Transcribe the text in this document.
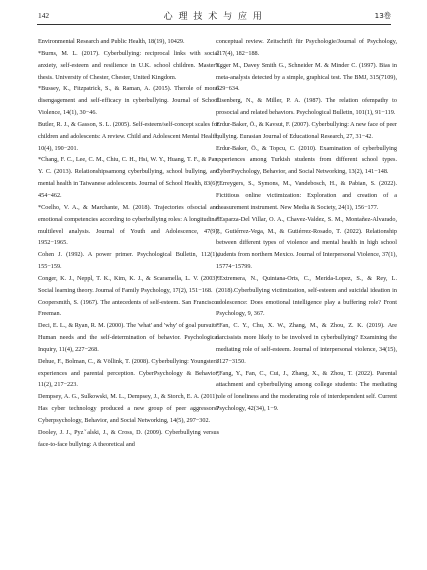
142	心 理 技 术 与 应 用	13卷
Environmental Research and Public Health, 18(19), 10429.
*Burns, M. L. (2017). Cyberbullying: reciprocal links with social anxiety, self-esteem and resilience in U.K. school children. Master's thesis. University of Chester, Chester, United Kingdom.
*Bussey, K., Fitzpatrick, S., & Raman, A. (2015). Therole of moral disengagement and self-efficacy in cyberbullying. Journal of School Violence, 14(1), 30−46.
Butler, R. J., & Gasson, S. L. (2005). Self-esteem/self-concept scales for children and adolescents: A review. Child and Adolescent Mental Health, 10(4), 190−201.
*Chang, F. C., Lee, C. M., Chiu, C. H., Hsi, W. Y., Huang, T. F., & Pan, Y. C. (2013). Relationshipsamong cyberbullying, school bullying, and mental health in Taiwanese adolescents. Journal of School Health, 83(6), 454−462.
*Coelho, V. A., & Marchante, M. (2018). Trajectories ofsocial and emotional competencies according to cyberbullying roles: A longitudinal multilevel analysis. Journal of Youth and Adolescence, 47(9), 1952−1965.
Cohen J. (1992). A power primer. Psychological Bulletin, 112(1), 155−159.
Conger, K. J., Neppl, T. K., Kim, K. J., & Scaramella, L. V. (2003). Social learning theory. Journal of Family Psychology, 17(2), 151−168.
Coopersmith, S. (1967). The antecedents of self-esteem. San Francisco: Freeman.
Deci, E. L., & Ryan, R. M. (2000). The 'what' and 'why' of goal pursuits: Human needs and the self-determination of behavior. Psychological Inquiry, 11(4), 227−268.
Dehue, F., Bolman, C., & Völlink, T. (2008). Cyberbullying: Youngsters' experiences and parental perception. CyberPsychology & Behavior, 11(2), 217−223.
Dempsey, A. G., Sulkowski, M. L., Dempsey, J., & Storch, E. A. (2011). Has cyber technology produced a new group of peer aggressors? Cyberpsychology, Behavior, and Social Networking, 14(5), 297−302.
Dooley, J. J., Pyzˇalski, J., & Cross, D. (2009). Cyberbullying versus face-to-face bullying: A theoretical and
conceptual review. Zeitschrift für Psychologie/Journal of Psychology, 217(4), 182−188.
Egger M., Davey Smith G., Schneider M. & Minder C. (1997). Bias in meta-analysis detected by a simple, graphical test. The BMJ, 315(7109), 629−634.
Eisenberg, N., & Miller, P. A. (1987). The relation ofempathy to prosocial and related behaviors. Psychological Bulletin, 101(1), 91−119.
Erdur-Baker, Ö., & Kavsut, F. (2007). Cyberbullying: A new face of peer bullying. Eurasian Journal of Educational Research, 27, 31−42.
Erdur-Baker, Ö., & Topcu, C. (2010). Examination of cyberbullying experiences among Turkish students from different school types. CyberPsychology, Behavior, and Social Networking, 13(2), 141−148.
*Erreygers, S., Symons, M., Vandebosch, H., & Pabian, S. (2022). Fictitious online victimization: Exploration and creation of a measurement instrument. New Media & Society, 24(1), 156−177.
*Esparza-Del Villar, O. A., Chavez-Valdez, S. M., Montañez-Alvarado, P., Gutiérrez-Vega, M., & Gutiérrez-Rosado, T. (2022). Relationship between different types of violence and mental health in high school students from northern Mexico. Journal of Interpersonal Violence, 37(1), 15774−15799.
*Extremera, N., Quintana-Orts, C., Merida-Lopez, S., & Rey, L. (2018).Cyberbullying victimization, self-esteem and suicidal ideation in adolescence: Does emotional intelligence play a buffering role? Front Psychology, 9, 367.
*Fan, C. Y., Chu, X. W., Zhang, M., & Zhou, Z. K. (2019). Are narcissists more likely to be involved in cyberbullying? Examining the mediating role of self-esteem. Journal of interpersonal violence, 34(15), 3127−3150.
*Fang, Y., Fan, C., Cui, J., Zhang, X., & Zhou, T. (2022). Parental attachment and cyberbullying among college students: The mediating role of loneliness and the moderating role of interdependent self. Current Psychology, 42(34), 1−9.
